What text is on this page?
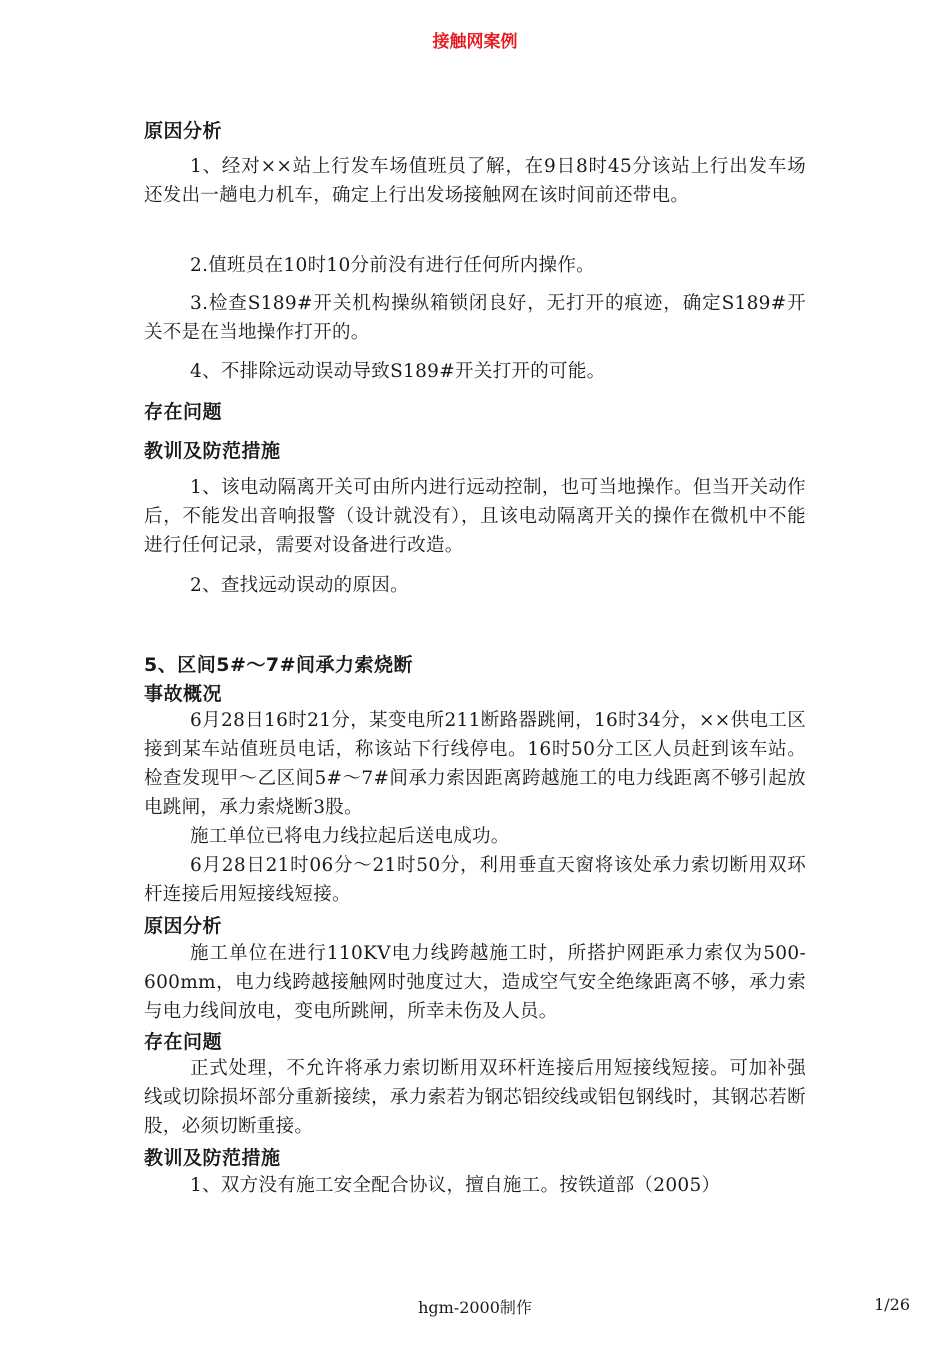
接触网案例
原因分析
1、经对××站上行发车场值班员了解，在9日8时45分该站上行出发车场还发出一趟电力机车，确定上行出发场接触网在该时间前还带电。
2.值班员在10时10分前没有进行任何所内操作。
3.检查S189#开关机构操纵箱锁闭良好，无打开的痕迹，确定S189#开关不是在当地操作打开的。
4、不排除远动误动导致S189#开关打开的可能。
存在问题
教训及防范措施
1、该电动隔离开关可由所内进行远动控制，也可当地操作。但当开关动作后，不能发出音响报警（设计就没有），且该电动隔离开关的操作在微机中不能进行任何记录，需要对设备进行改造。
2、查找远动误动的原因。
5、区间5#～7#间承力索烧断
事故概况
6月28日16时21分，某变电所211断路器跳闸，16时34分，××供电工区接到某车站值班员电话，称该站下行线停电。16时50分工区人员赶到该车站。检查发现甲～乙区间5#～7#间承力索因距离跨越施工的电力线距离不够引起放电跳闸，承力索烧断3股。
施工单位已将电力线拉起后送电成功。
6月28日21时06分～21时50分，利用垂直天窗将该处承力索切断用双环杆连接后用短接线短接。
原因分析
施工单位在进行110KV电力线跨越施工时，所搭护网距承力索仅为500-600mm，电力线跨越接触网时弛度过大，造成空气安全绝缘距离不够，承力索与电力线间放电，变电所跳闸，所幸未伤及人员。
存在问题
正式处理，不允许将承力索切断用双环杆连接后用短接线短接。可加补强线或切除损坏部分重新接续，承力索若为钢芯铝绞线或铝包钢线时，其钢芯若断股，必须切断重接。
教训及防范措施
1、双方没有施工安全配合协议，擅自施工。按铁道部（2005）
hgm-2000制作	1/26
